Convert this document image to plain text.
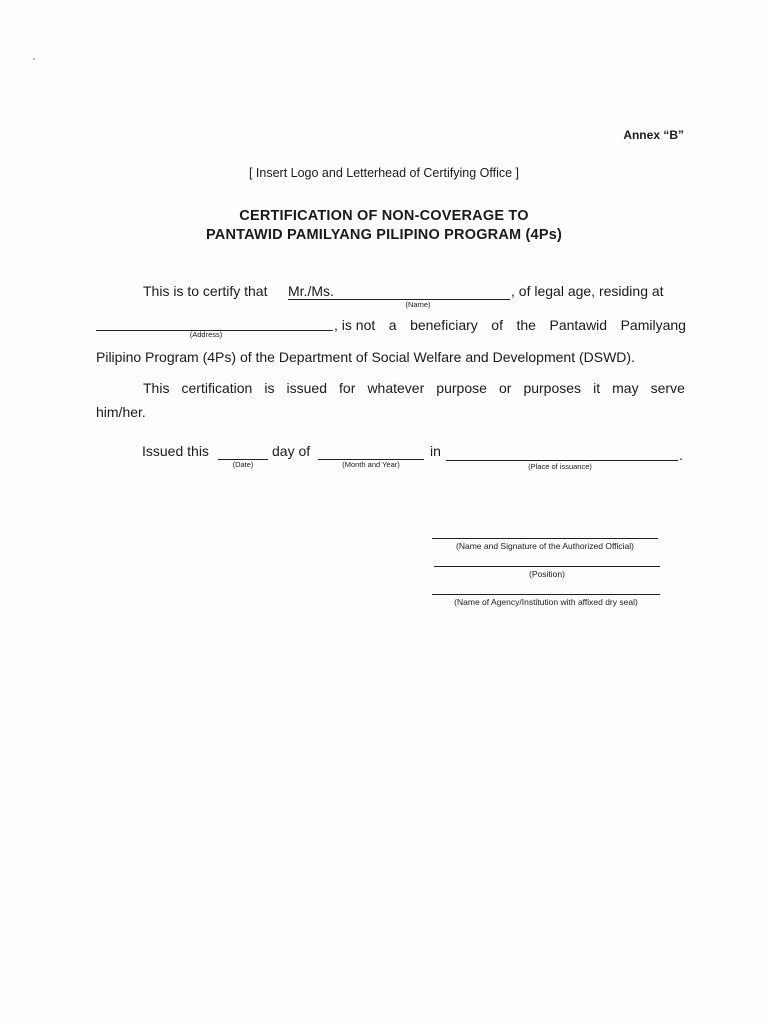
Annex “B”
[ Insert Logo and Letterhead of Certifying Office ]
CERTIFICATION OF NON-COVERAGE TO
PANTAWID PAMILYANG PILIPINO PROGRAM (4Ps)
This is to certify that Mr./Ms.	, of legal age, residing at
(Name)
(Address)
, is not a beneficiary of the Pantawid Pamilyang
Pilipino Program (4Ps) of the Department of Social Welfare and Development (DSWD).
This certification is issued for whatever purpose or purposes it may serve
him/her.
Issued this
(Date)
day of
(Month and Year)
in	.
(Place of issuance)
(Name and Signature of the Authorized Official)
(Position)
(Name of Agency/Institution with affixed dry seal)
